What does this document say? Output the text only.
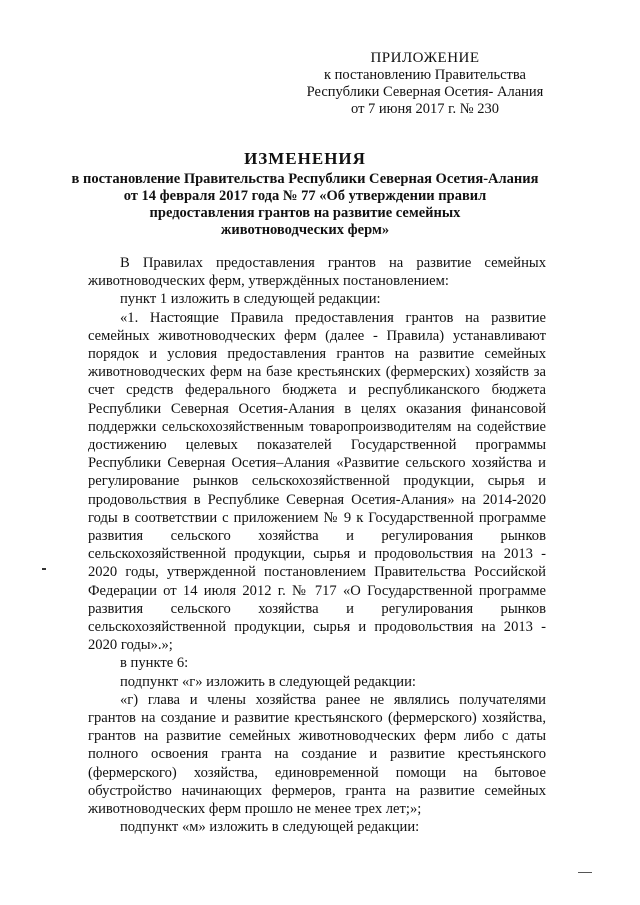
ПРИЛОЖЕНИЕ
к постановлению Правительства
Республики Северная Осетия- Алания
от 7 июня 2017 г. № 230
ИЗМЕНЕНИЯ
в постановление Правительства Республики Северная Осетия-Алания
от 14 февраля 2017 года № 77 «Об утверждении правил
предоставления грантов на развитие семейных
животноводческих ферм»

В Правилах предоставления грантов на развитие семейных животноводческих ферм, утверждённых постановлением:

пункт 1 изложить в следующей редакции:

«1. Настоящие Правила предоставления грантов на развитие семейных животноводческих ферм (далее - Правила) устанавливают порядок и условия предоставления грантов на развитие семейных животноводческих ферм на базе крестьянских (фермерских) хозяйств за счет средств федерального бюджета и республиканского бюджета Республики Северная Осетия-Алания в целях оказания финансовой поддержки сельскохозяйственным товаропроизводителям на содействие достижению целевых показателей Государственной программы Республики Северная Осетия–Алания «Развитие сельского хозяйства и регулирование рынков сельскохозяйственной продукции, сырья и продовольствия в Республике Северная Осетия-Алания» на 2014-2020 годы в соответствии с приложением № 9 к Государственной программе развития сельского хозяйства и регулирования рынков сельскохозяйственной продукции, сырья и продовольствия на 2013 - 2020 годы, утвержденной постановлением Правительства Российской Федерации от 14 июля 2012 г. № 717 «О Государственной программе развития сельского хозяйства и регулирования рынков сельскохозяйственной продукции, сырья и продовольствия на 2013 - 2020 годы».»;

в пункте 6:

подпункт «г» изложить в следующей редакции:

«г) глава и члены хозяйства ранее не являлись получателями грантов на создание и развитие крестьянского (фермерского) хозяйства, грантов на развитие семейных животноводческих ферм либо с даты полного освоения гранта на создание и развитие крестьянского (фермерского) хозяйства, единовременной помощи на бытовое обустройство начинающих фермеров, гранта на развитие семейных животноводческих ферм прошло не менее трех лет;»;

подпункт «м» изложить в следующей редакции:
